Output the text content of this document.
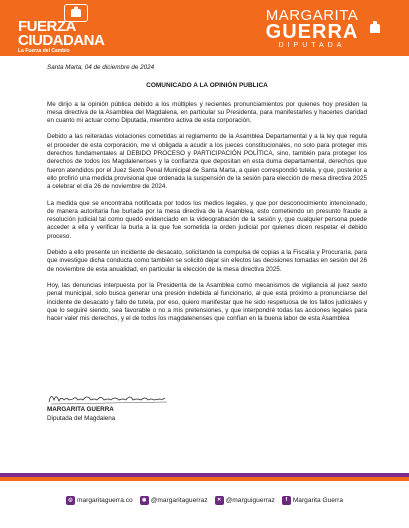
FUERZA
CIUDADANA
La Fuerza del Cambio
MARGARITA
GUERRA
DIPUTADA
Santa Marta, 04 de diciembre de 2024
COMUNICADO A LA OPINIÓN PUBLICA

Me dirijo a la opinión pública debido a los múltiples y recientes pronunciamientos por quienes hoy presiden la mesa directiva de la Asamblea del Magdalena, en particular su Presidenta, para manifestarles y hacerles claridad en cuanto mi actuar como Diputada, miembro activa de esta corporación.

Debido a las reiteradas violaciones cometidas al reglamento de la Asamblea Departamental y a la ley que regula el proceder de esta corporación, me vi obligada a acudir a los jueces constitucionales, no solo para proteger mis derechos fundamentales al DEBIDO PROCESO y PARTICIPACIÓN POLÍTICA, sino, también para proteger los derechos de todos los Magdalenenses y la confianza que depositan en esta duma departamental, derechos que fueron atendidos por el Juez Sexto Penal Municipal de Santa Marta, a quien correspondió tutela, y que, posterior a ello profirió una medida provisional que ordenada la suspensión de la sesión para elección de mesa directiva 2025 a celebrar el día 26 de noviembre de 2024.

La medida que se encontraba notificada por todos los medios legales, y que por desconocimiento intencionado, de manera autoritaria fue burlada por la mesa directiva de la Asamblea, esto cometiendo un presunto fraude a resolución judicial tal como quedó evidenciado en la videograbación de la sesión y, que cualquier persona puede acceder a ella y verificar la burla a la que fue sometida la orden judicial por quienes dicen respetar el debido proceso.

Debido a ello presente un incidente de desacato, solicitando la compulsa de copias a la Fiscalía y Procuraría, para que investigue dicha conducta como también se solicitó dejar sin efectos las decisiones tomadas en sesión del 26 de noviembre de esta anualidad, en particular la elección de la mesa directiva 2025.

Hoy, las denuncias interpuesta por la Presidenta de la Asamblea como mecanismos de vigilancia al juez sexto penal municipal, solo busca generar una presión indebida al funcionario, al que está próximo a pronunciarse del incidente de desacato y fallo de tutela, por eso, quiero manifestar que he sido respetuosa de los fallos judiciales y que lo seguiré siendo, sea favorable o no a mis pretensiones, y que interpondré todas las acciones legales para hacer valer mis derechos, y el de todos los magdalenenses que confían en la buena labor de esta Asamblea

MARGARITA GUERRA
Diputada del Magdalena
◎ margaritaguerra.co	◉ @margaritaguerraz	✕ @marguiguerraz	f Margarita Guerra
